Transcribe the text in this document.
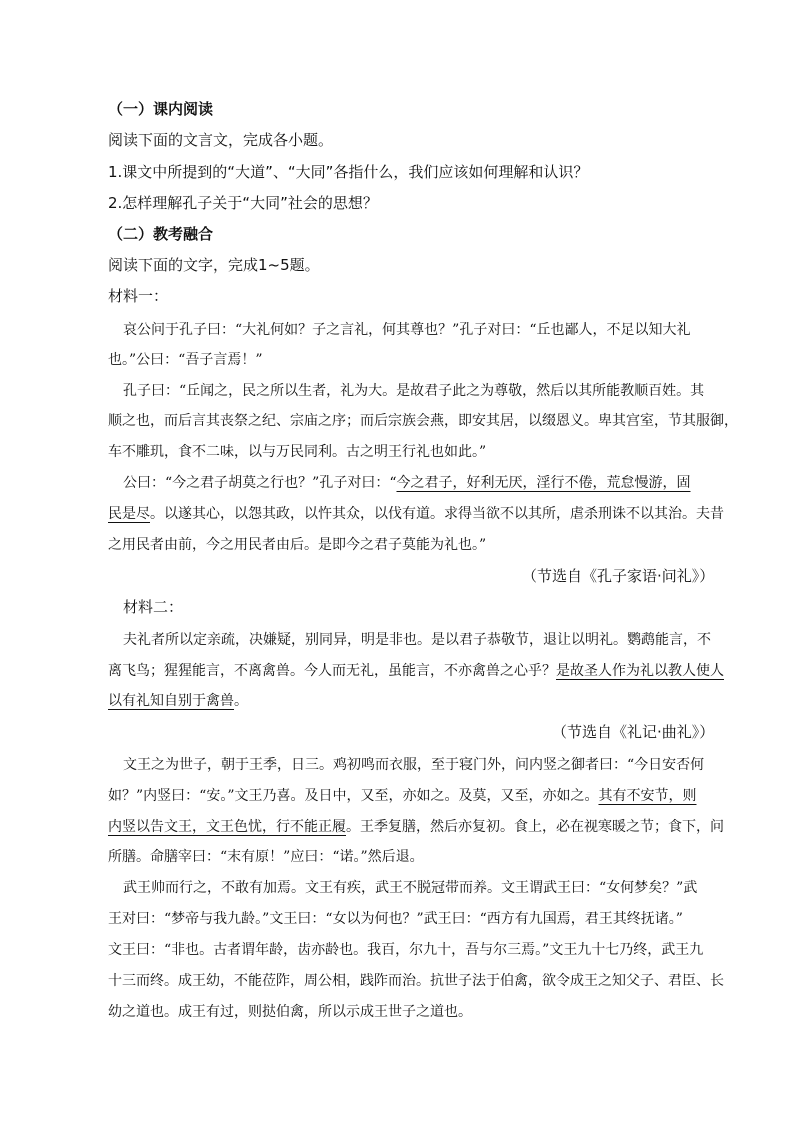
（一）课内阅读

阅读下面的文言文，完成各小题。

1.课文中所提到的“大道”、“大同”各指什么，我们应该如何理解和认识？

2.怎样理解孔子关于“大同”社会的思想？

（二）教考融合

阅读下面的文字，完成1~5题。

材料一：

哀公问于孔子曰：“大礼何如？子之言礼，何其尊也？”孔子对曰：“丘也鄙人，不足以知大礼

也。”公曰：“吾子言焉！”

孔子曰：“丘闻之，民之所以生者，礼为大。是故君子此之为尊敬，然后以其所能教顺百姓。其

顺之也，而后言其丧祭之纪、宗庙之序；而后宗族会燕，即安其居，以缀恩义。卑其宫室，节其服御，

车不雕玑，食不二味，以与万民同利。古之明王行礼也如此。”

公曰：“今之君子胡莫之行也？”孔子对曰：“今之君子，好利无厌，淫行不倦，荒怠慢游，固

民是尽。以遂其心，以怨其政，以忤其众，以伐有道。求得当欲不以其所，虐杀刑诛不以其治。夫昔

之用民者由前，今之用民者由后。是即今之君子莫能为礼也。”

（节选自《孔子家语·问礼》）

材料二：

夫礼者所以定亲疏，决嫌疑，别同异，明是非也。是以君子恭敬节，退让以明礼。鹦鹉能言，不

离飞鸟；猩猩能言，不离禽兽。今人而无礼，虽能言，不亦禽兽之心乎？是故圣人作为礼以教人使人

以有礼知自别于禽兽。

（节选自《礼记·曲礼》）

文王之为世子，朝于王季，日三。鸡初鸣而衣服，至于寝门外，问内竖之御者曰：“今日安否何

如？”内竖曰：“安。”文王乃喜。及日中，又至，亦如之。及莫，又至，亦如之。其有不安节，则

内竖以告文王，文王色忧，行不能正履。王季复膳，然后亦复初。食上，必在视寒暖之节；食下，问

所膳。命膳宰曰：“末有原！”应曰：“诺。”然后退。

武王帅而行之，不敢有加焉。文王有疾，武王不脱冠带而养。文王谓武王曰：“女何梦矣？”武

王对曰：“梦帝与我九龄。”文王曰：“女以为何也？”武王曰：“西方有九国焉，君王其终抚诸。”

文王曰：“非也。古者谓年龄，齿亦龄也。我百，尔九十，吾与尔三焉。”文王九十七乃终，武王九

十三而终。成王幼，不能莅阼，周公相，践阼而治。抗世子法于伯禽，欲令成王之知父子、君臣、长

幼之道也。成王有过，则挞伯禽，所以示成王世子之道也。
